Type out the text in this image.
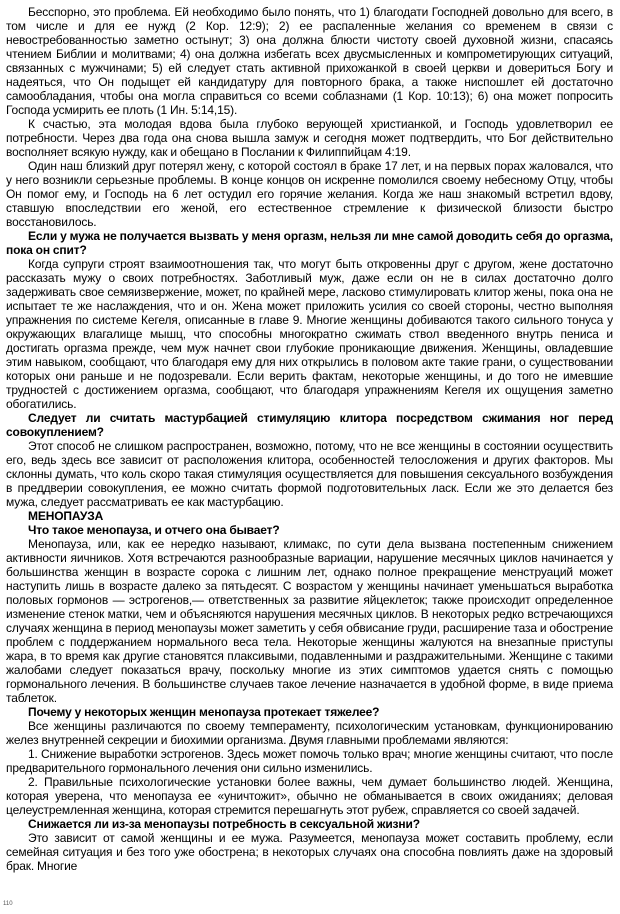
Бесспорно, это проблема. Ей необходимо было понять, что 1) благодати Господней довольно для всего, в том числе и для ее нужд (2 Кор. 12:9); 2) ее распаленные желания со временем в связи с невостребованностью заметно остынут; 3) она должна блюсти чистоту своей духовной жизни, спасаясь чтением Библии и молитвами; 4) она должна избегать всех двусмысленных и компрометирующих ситуаций, связанных с мужчинами; 5) ей следует стать активной прихожанкой в своей церкви и довериться Богу и надеяться, что Он подыщет ей кандидатуру для повторного брака, а также ниспошлет ей достаточно самообладания, чтобы она могла справиться со всеми соблазнами (1 Кор. 10:13); 6) она может попросить Господа усмирить ее плоть (1 Ин. 5:14,15).

К счастью, эта молодая вдова была глубоко верующей христианкой, и Господь удовлетворил ее потребности. Через два года она снова вышла замуж и сегодня может подтвердить, что Бог действительно восполняет всякую нужду, как и обещано в Послании к Филиппийцам 4:19.

Один наш близкий друг потерял жену, с которой состоял в браке 17 лет, и на первых порах жаловался, что у него возникли серьезные проблемы. В конце концов он искренне помолился своему небесному Отцу, чтобы Он помог ему, и Господь на 6 лет остудил его горячие желания. Когда же наш знакомый встретил вдову, ставшую впоследствии его женой, его естественное стремление к физической близости быстро восстановилось.

Если у мужа не получается вызвать у меня оргазм, нельзя ли мне самой доводить себя до оргазма, пока он спит?

Когда супруги строят взаимоотношения так, что могут быть откровенны друг с другом, жене достаточно рассказать мужу о своих потребностях. Заботливый муж, даже если он не в силах достаточно долго задерживать свое семяизвержение, может, по крайней мере, ласково стимулировать клитор жены, пока она не испытает те же наслаждения, что и он. Жена может приложить усилия со своей стороны, честно выполняя упражнения по системе Кегеля, описанные в главе 9. Многие женщины добиваются такого сильного тонуса у окружающих влагалище мышц, что способны многократно сжимать ствол введенного внутрь пениса и достигать оргазма прежде, чем муж начнет свои глубокие проникающие движения. Женщины, овладевшие этим навыком, сообщают, что благодаря ему для них открылись в половом акте такие грани, о существовании которых они раньше и не подозревали. Если верить фактам, некоторые женщины, и до того не имевшие трудностей с достижением оргазма, сообщают, что благодаря упражнениям Кегеля их ощущения заметно обогатились.

Следует ли считать мастурбацией стимуляцию клитора посредством сжимания ног перед совокуплением?

Этот способ не слишком распространен, возможно, потому, что не все женщины в состоянии осуществить его, ведь здесь все зависит от расположения клитора, особенностей телосложения и других факторов. Мы склонны думать, что коль скоро такая стимуляция осуществляется для повышения сексуального возбуждения в преддверии совокупления, ее можно считать формой подготовительных ласк. Если же это делается без мужа, следует рассматривать ее как мастурбацию.

МЕНОПАУЗА

Что такое менопауза, и отчего она бывает?

Менопауза, или, как ее нередко называют, климакс, по сути дела вызвана постепенным снижением активности яичников. Хотя встречаются разнообразные вариации, нарушение месячных циклов начинается у большинства женщин в возрасте сорока с лишним лет, однако полное прекращение менструаций может наступить лишь в возрасте далеко за пятьдесят. С возрастом у женщины начинает уменьшаться выработка половых гормонов — эстрогенов,— ответственных за развитие яйцеклеток; также происходит определенное изменение стенок матки, чем и объясняются нарушения месячных циклов. В некоторых редко встречающихся случаях женщина в период менопаузы может заметить у себя обвисание груди, расширение таза и обострение проблем с поддержанием нормального веса тела. Некоторые женщины жалуются на внезапные приступы жара, в то время как другие становятся плаксивыми, подавленными и раздражительными. Женщине с такими жалобами следует показаться врачу, поскольку многие из этих симптомов удается снять с помощью гормонального лечения. В большинстве случаев такое лечение назначается в удобной форме, в виде приема таблеток.

Почему у некоторых женщин менопауза протекает тяжелее?

Все женщины различаются по своему темпераменту, психологическим установкам, функционированию желез внутренней секреции и биохимии организма. Двумя главными проблемами являются:

1. Снижение выработки эстрогенов. Здесь может помочь только врач; многие женщины считают, что после предварительного гормонального лечения они сильно изменились.

2. Правильные психологические установки более важны, чем думает большинство людей. Женщина, которая уверена, что менопауза ее «уничтожит», обычно не обманывается в своих ожиданиях; деловая целеустремленная женщина, которая стремится перешагнуть этот рубеж, справляется со своей задачей.

Снижается ли из-за менопаузы потребность в сексуальной жизни?

Это зависит от самой женщины и ее мужа. Разумеется, менопауза может составить проблему, если семейная ситуация и без того уже обострена; в некоторых случаях она способна повлиять даже на здоровый брак. Многие

110
